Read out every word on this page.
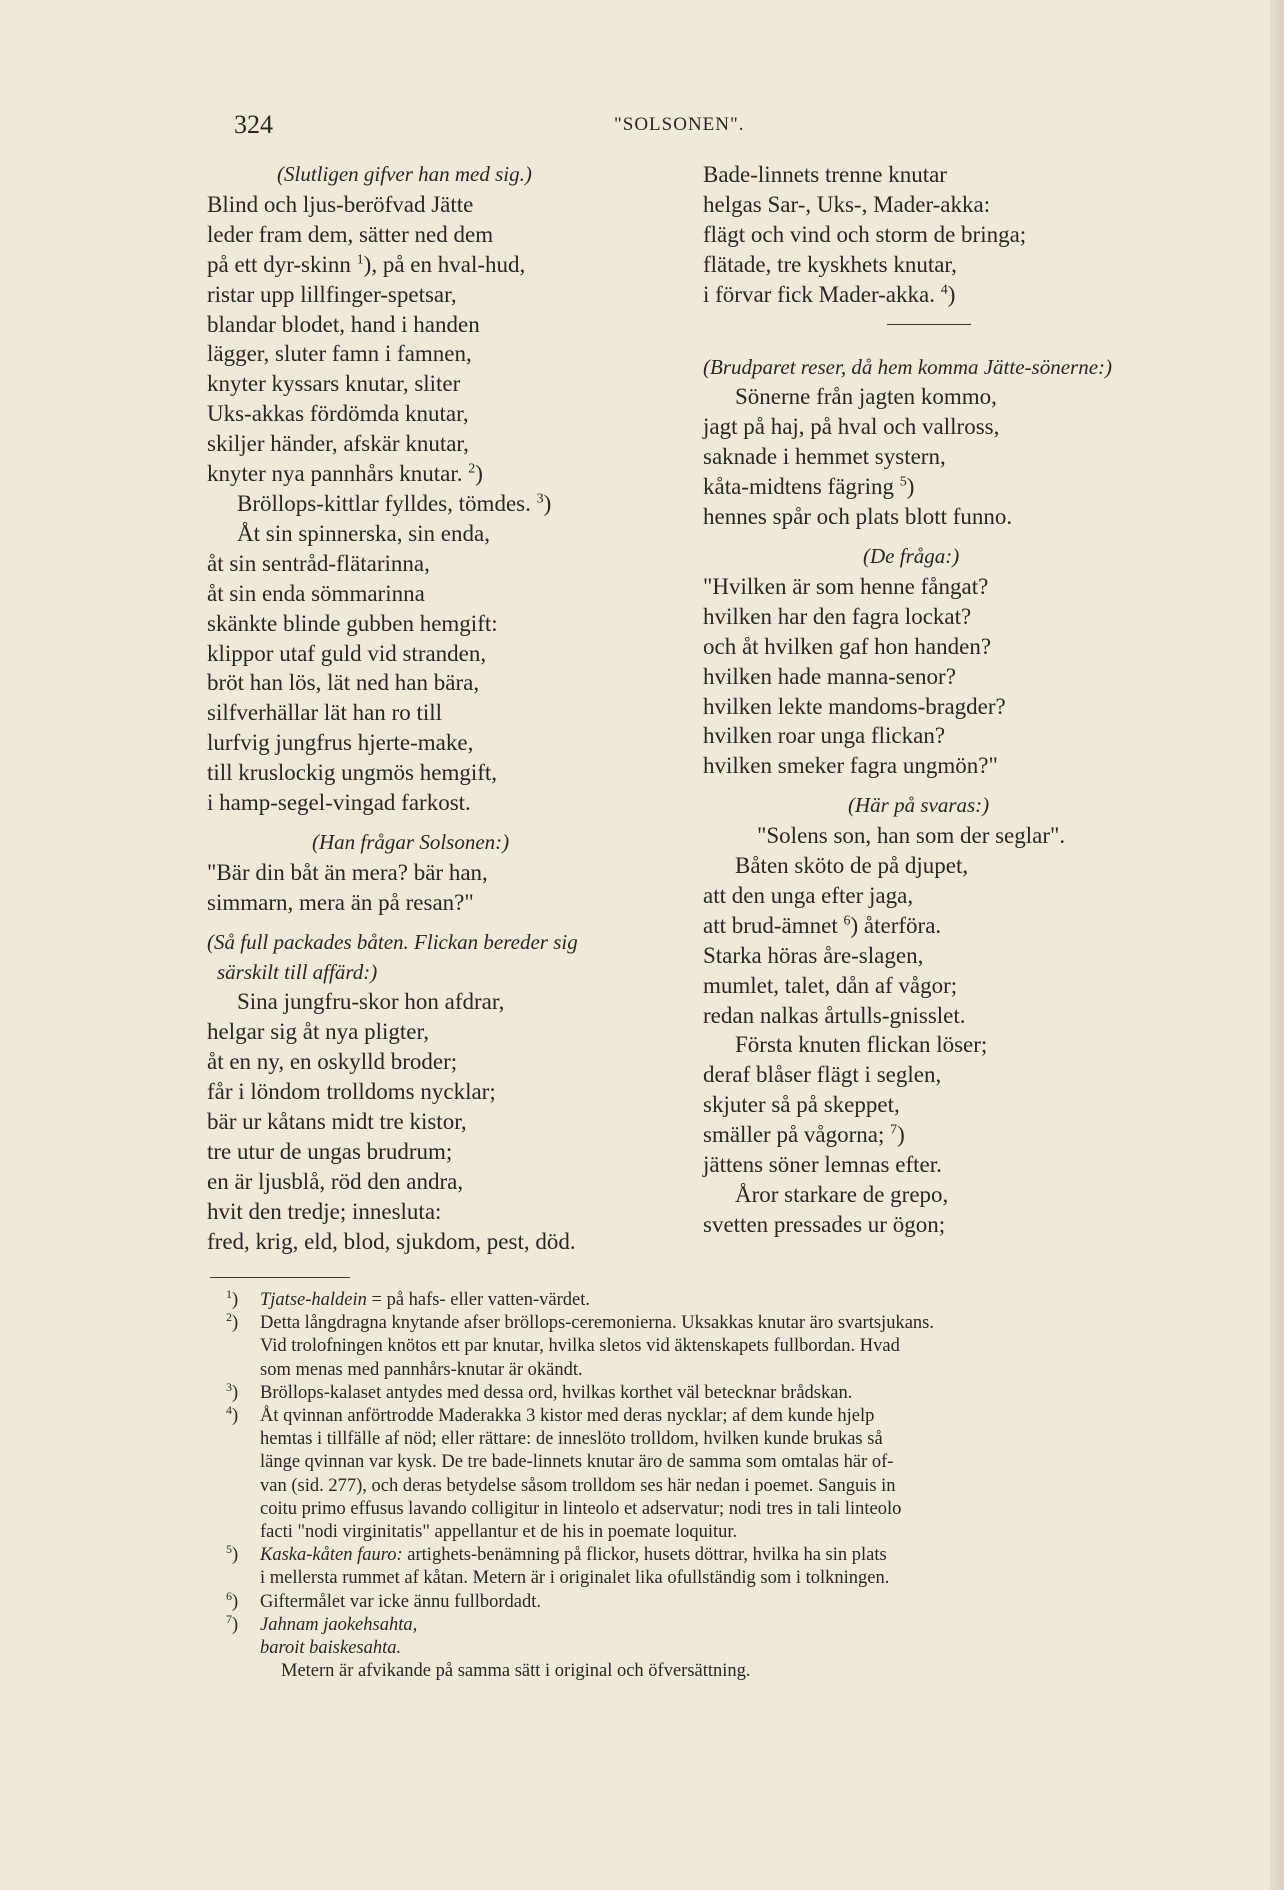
324	"SOLSONEN".
(Slutligen gifver han med sig.)
Blind och ljus-beröfvad Jätte
leder fram dem, sätter ned dem
på ett dyr-skinn $^1$), på en hval-hud,
ristar upp lillfinger-spetsar,
blandar blodet, hand i handen
lägger, sluter famn i famnen,
knyter kyssars knutar, sliter
Uks-akkas fördömda knutar,
skiljer händer, afskär knutar,
knyter nya pannhårs knutar. $^2$)
Bröllops-kittlar fylldes, tömdes. $^3$)
Åt sin spinnerska, sin enda,
åt sin sentråd-flätarinna,
åt sin enda sömmarinna
skänkte blinde gubben hemgift:
klippor utaf guld vid stranden,
bröt han lös, lät ned han bära,
silfverhällar lät han ro till
lurfvig jungfrus hjerte-make,
till kruslockig ungmös hemgift,
i hamp-segel-vingad farkost.
(Han frågar Solsonen:)
"Bär din båt än mera? bär han,
simmarn, mera än på resan?"
(Så full packades båten. Flickan bereder sig
särskilt till affärd:)
Sina jungfru-skor hon afdrar,
helgar sig åt nya pligter,
åt en ny, en oskylld broder;
får i löndom trolldoms nycklar;
bär ur kåtans midt tre kistor,
tre utur de ungas brudrum;
en är ljusblå, röd den andra,
hvit den tredje; innesluta:
fred, krig, eld, blod, sjukdom, pest, död.
Bade-linnets trenne knutar
helgas Sar-, Uks-, Mader-akka:
flägt och vind och storm de bringa;
flätade, tre kyskhets knutar,
i förvar fick Mader-akka. $^4$)
(Brudparet reser, då hem komma Jätte-sönerne:)
Sönerne från jagten kommo,
jagt på haj, på hval och vallross,
saknade i hemmet systern,
kåta-midtens fägring $^5$)
hennes spår och plats blott funno.
(De fråga:)
"Hvilken är som henne fångat?
hvilken har den fagra lockat?
och åt hvilken gaf hon handen?
hvilken hade manna-senor?
hvilken lekte mandoms-bragder?
hvilken roar unga flickan?
hvilken smeker fagra ungmön?"
(Här på svaras:)
"Solens son, han som der seglar".
Båten sköto de på djupet,
att den unga efter jaga,
att brud-ämnet $^6$) återföra.
Starka höras åre-slagen,
mumlet, talet, dån af vågor;
redan nalkas årtulls-gnisslet.
Första knuten flickan löser;
deraf blåser flägt i seglen,
skjuter så på skeppet,
smäller på vågorna; $^7$)
jättens söner lemnas efter.
Åror starkare de grepo,
svetten pressades ur ögon;
$^1$) Tjatse-haldein = på hafs- eller vatten-värdet.
$^2$) Detta långdragna knytande afser bröllops-ceremonierna. Uksakkas knutar äro svartsjukans.
Vid trolofningen knötos ett par knutar, hvilka sletos vid äktenskapets fullbordan. Hvad
som menas med pannhårs-knutar är okändt.
$^3$) Bröllops-kalaset antydes med dessa ord, hvilkas korthet väl betecknar brådskan.
$^4$) Åt qvinnan anförtrodde Maderakka 3 kistor med deras nycklar; af dem kunde hjelp
hemtas i tillfälle af nöd; eller rättare: de inneslöto trolldom, hvilken kunde brukas så
länge qvinnan var kysk. De tre bade-linnets knutar äro de samma som omtalas här of-
van (sid. 277), och deras betydelse såsom trolldom ses här nedan i poemet. Sanguis in
coitu primo effusus lavando colligitur in linteolo et adservatur; nodi tres in tali linteolo
facti "nodi virginitatis" appellantur et de his in poemate loquitur.
$^5$) Kaska-kåten fauro: artighets-benämning på flickor, husets döttrar, hvilka ha sin plats
i mellersta rummet af kåtan. Metern är i originalet lika ofullständig som i tolkningen.
$^6$) Giftermålet var icke ännu fullbordadt.
$^7$) Jahnam jaokehsahta,
baroit baiskesahta.
Metern är afvikande på samma sätt i original och öfversättning.
